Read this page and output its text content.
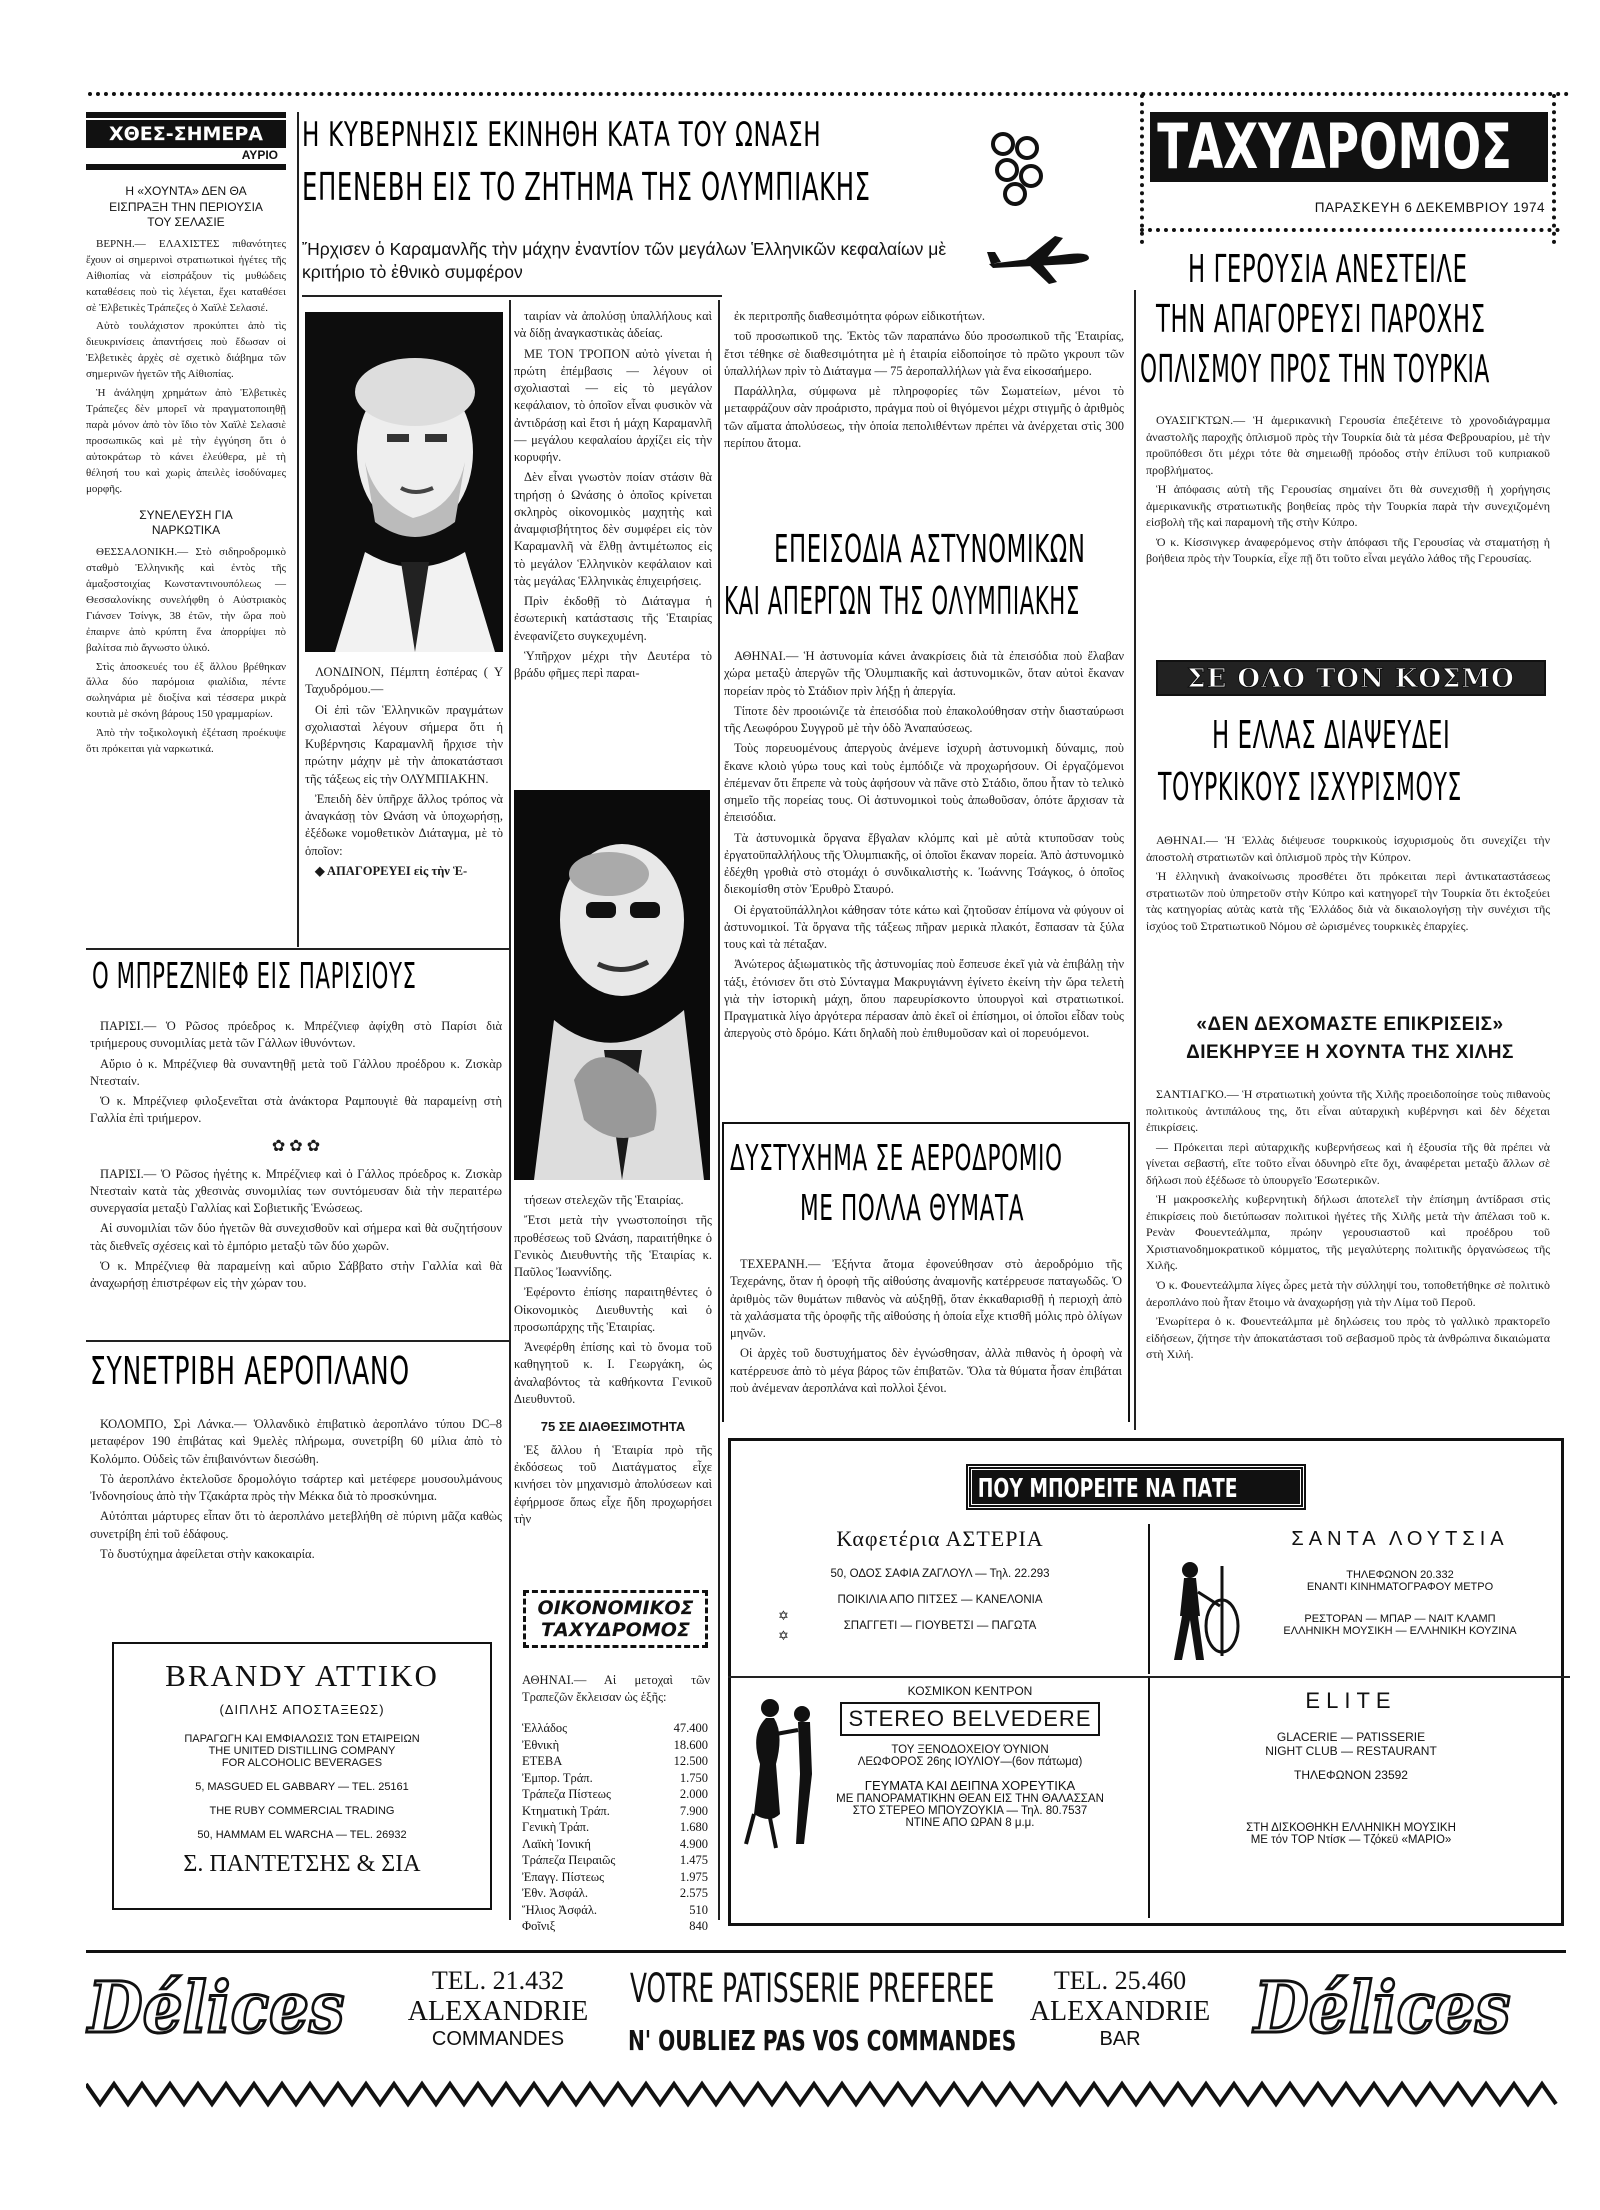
ΧΘΕΣ-ΣΗΜΕΡΑ
ΑΥΡΙΟ
Η «ΧΟΥΝΤΑ» ΔΕΝ ΘΑ ΕΙΣΠΡΑΞΗ ΤΗΝ ΠΕΡΙΟΥΣΙΑ ΤΟΥ ΣΕΛΑΣΙΕ

ΒΕΡΝΗ.— ΕΛΑΧΙΣΤΕΣ πιθανότητες ἔχουν οἱ σημερινοὶ στρατιωτικοὶ ἡγέτες τῆς Αἰθιοπίας νὰ εἰσπράξουν τὶς μυθώδεις καταθέσεις ποὺ τὶς λέγεται, ἔχει καταθέσει σὲ Ἑλβετικὲς Τράπεζες ὁ Χαϊλὲ Σελασιέ.

Αὐτὸ τουλάχιστον προκύπτει ἀπὸ τὶς διευκρινίσεις ἀπαντήσεις ποὺ ἔδωσαν οἱ Ἑλβετικὲς ἀρχὲς σὲ σχετικὸ διάβημα τῶν σημερινῶν ἡγετῶν τῆς Αἰθιοπίας.

Ἡ ἀνάληψη χρημάτων ἀπὸ Ἑλβετικὲς Τράπεζες δὲν μπορεῖ νὰ πραγματοποιηθῇ παρὰ μόνον ἀπὸ τὸν ἴδιο τὸν Χαϊλὲ Σελασιὲ προσωπικῶς καὶ μὲ τὴν ἐγγύηση ὅτι ὁ αὐτοκράτωρ τὸ κάνει ἐλεύθερα, μὲ τὴ θέλησή του καὶ χωρὶς ἀπειλὲς ἰσοδύναμες μορφῆς.

ΣΥΝΕΛΕΥΣΗ ΓΙΑ ΝΑΡΚΩΤΙΚΑ

ΘΕΣΣΑΛΟΝΙΚΗ.— Στὸ σιδηροδρομικὸ σταθμὸ Ἑλληνικῆς καὶ ἐντὸς τῆς ἁμαξοστοιχίας Κωνσταντινουπόλεως — Θεσσαλονίκης συνελήφθη ὁ Αὐστριακὸς Γιάνσεν Τσίνγκ, 38 ἐτῶν, τὴν ὥρα ποὺ ἐπαιρνε ἀπὸ κρύπτη ἕνα ἀπορρίψει πὸ βαλίτσα πιὸ ἄγνωστο ὑλικό.

Στὶς ἀποσκευές του ἐξ ἄλλου βρέθηκαν ἄλλα δύο παρόμοια φιαλίδια, πέντε σωληνάρια μὲ διοξίνα καὶ τέσσερα μικρὰ κουτιὰ μὲ σκόνη βάρους 150 γραμμαρίων.

Ἀπὸ τὴν τοξικολογικὴ ἐξέταση προέκυψε ὅτι πρόκειται γιὰ ναρκωτικά.

Η ΚΥΒΕΡΝΗΣΙΣ ΕΚΙΝΗΘΗ ΚΑΤΑ ΤΟΥ ΩΝΑΣΗ
ΕΠΕΝΕΒΗ ΕΙΣ ΤΟ ΖΗΤΗΜΑ ΤΗΣ ΟΛΥΜΠΙΑΚΗΣ
Ἤρχισεν ὁ Καραμανλῆς τὴν μάχην ἐναντίον τῶν μεγάλων Ἑλληνικῶν κεφαλαίων μὲ κριτήριο τὸ ἐθνικὸ συμφέρον

ΛΟΝΔΙΝΟΝ, Πέμπτη ἑσπέρας ( Υ Ταχυδρόμου.—

Οἱ ἐπὶ τῶν Ἑλληνικῶν πραγμάτων σχολιασταὶ λέγουν σήμερα ὅτι ἡ Κυβέρνησις Καραμανλῆ ἤρχισε τὴν πρώτην μάχην μὲ τὴν ἀποκατάστασι τῆς τάξεως εἰς τὴν ΟΛΥΜΠΙΑΚΗΝ.

Ἐπειδὴ δὲν ὑπῆρχε ἄλλος τρόπος νὰ ἀναγκάσῃ τὸν Ωνάση νὰ ὑποχωρήσῃ, ἐξέδωκε νομοθετικὸν Διάταγμα, μὲ τὸ ὁποῖον:

◆ ΑΠΑΓΟΡΕΥΕΙ εἰς τὴν Ἑ-

ταιρίαν νὰ ἀπολύσῃ ὑπαλλήλους καὶ νὰ δίδῃ ἀναγκαστικὰς ἀδείας.

ΜΕ ΤΟΝ ΤΡΟΠΟΝ αὐτὸ γίνεται ἡ πρώτη ἐπέμβασις — λέγουν οἱ σχολιασταὶ — εἰς τὸ μεγάλον κεφάλαιον, τὸ ὁποῖον εἶναι φυσικὸν νὰ ἀντιδράσῃ καὶ ἔτσι ἡ μάχη Καραμανλῆ — μεγάλου κεφαλαίου ἀρχίζει εἰς τὴν κορυφήν.

Δὲν εἶναι γνωστὸν ποίαν στάσιν θὰ τηρήσῃ ὁ Ωνάσης ὁ ὁποῖος κρίνεται σκληρὸς οἰκονομικὸς μαχητὴς καὶ ἀναμφισβήτητος δὲν συμφέρει εἰς τὸν Καραμανλῆ νὰ ἔλθῃ ἀντιμέτωπος εἰς τὸ μεγάλον Ἑλληνικὸν κεφάλαιον καὶ τὰς μεγάλας Ἑλληνικὰς ἐπιχειρήσεις.

Πρὶν ἐκδοθῇ τὸ Διάταγμα ἡ ἐσωτερικὴ κατάστασις τῆς Ἑταιρίας ἐνεφανίζετο συγκεχυμένη.

Ὑπῆρχον μέχρι τὴν Δευτέρα τὸ βράδυ φῆμες περὶ παραι-

τήσεων στελεχῶν τῆς Ἑταιρίας.

Ἔτσι μετὰ τὴν γνωστοποίησι τῆς προθέσεως τοῦ Ωνάση, παραιτήθηκε ὁ Γενικὸς Διευθυντὴς τῆς Ἑταιρίας κ. Παῦλος Ἰωαννίδης.

Ἐφέροντο ἐπίσης παραιτηθέντες ὁ Οἰκονομικὸς Διευθυντὴς καὶ ὁ προσωπάρχης τῆς Ἑταιρίας.

Ἀνεφέρθη ἐπίσης καὶ τὸ ὄνομα τοῦ καθηγητοῦ κ. Ι. Γεωργάκη, ὡς ἀναλαβόντος τὰ καθήκοντα Γενικοῦ Διευθυντοῦ.

75 ΣΕ ΔΙΑΘΕΣΙΜΟΤΗΤΑ

Ἐξ ἄλλου ἡ Ἑταιρία πρὸ τῆς ἐκδόσεως τοῦ Διατάγματος εἶχε κινήσει τὸν μηχανισμὸ ἀπολύσεων καὶ ἐφήρμοσε ὅπως εἶχε ἤδη προχωρήσει τὴν

ἐκ περιτροπῆς διαθεσιμότητα φόρων εἰδικοτήτων.

τοῦ προσωπικοῦ της. Ἐκτὸς τῶν παραπάνω δύο προσωπικοῦ τῆς Ἑταιρίας, ἔτσι τέθηκε σὲ διαθεσιμότητα μὲ ἡ ἑταιρία εἰδοποίησε τὸ πρῶτο γκρουπ τῶν ὑπαλλήλων πρὶν τὸ Διάταγμα — 75 ἀεροπαλλήλων γιὰ ἕνα εἰκοσαήμερο.

Παράλληλα, σύμφωνα μὲ πληροφορίες τῶν Σωματείων, μένοι τὸ μεταφράζουν σὰν προάριστο, πράγμα ποὺ οἱ θιγόμενοι μέχρι στιγμῆς ὁ ἀριθμὸς τῶν αἵματα ἀπολύσεως, τὴν ὁποία πεπολιθέντων πρέπει νὰ ἀνέρχεται στὶς 300 περίπου ἄτομα.

ΕΠΕΙΣΟΔΙΑ ΑΣΤΥΝΟΜΙΚΩΝ
ΚΑΙ ΑΠΕΡΓΩΝ ΤΗΣ ΟΛΥΜΠΙΑΚΗΣ

ΑΘΗΝΑΙ.— Ἡ ἀστυνομία κάνει ἀνακρίσεις διὰ τὰ ἐπεισόδια ποὺ ἔλαβαν χώρα μεταξὺ ἀπεργῶν τῆς Ὀλυμπιακῆς καὶ ἀστυνομικῶν, ὅταν αὐτοὶ ἔκαναν πορείαν πρὸς τὸ Στάδιον πρὶν λήξῃ ἡ ἀπεργία.

Τίποτε δὲν προοιώνιζε τὰ ἐπεισόδια ποὺ ἐπακολούθησαν στὴν διασταύρωσι τῆς Λεωφόρου Συγγροῦ μὲ τὴν ὁδὸ Ἀναπαύσεως.

Τοὺς πορευομένους ἀπεργοὺς ἀνέμενε ἰσχυρὴ ἀστυνομικὴ δύναμις, ποὺ ἔκανε κλοιὸ γύρω τους καὶ τοὺς ἐμπόδιζε νὰ προχωρήσουν. Οἱ ἐργαζόμενοι ἐπέμεναν ὅτι ἔπρεπε νὰ τοὺς ἀφήσουν νὰ πᾶνε στὸ Στάδιο, ὅπου ἦταν τὸ τελικὸ σημεῖο τῆς πορείας τους. Οἱ ἀστυνομικοὶ τοὺς ἀπωθοῦσαν, ὁπότε ἄρχισαν τὰ ἐπεισόδια.

Τὰ ἀστυνομικὰ ὄργανα ἔβγαλαν κλόμπς καὶ μὲ αὐτὰ κτυποῦσαν τοὺς ἐργατοϋπαλλήλους τῆς Ὀλυμπιακῆς, οἱ ὁποῖοι ἔκαναν πορεία. Ἀπὸ ἀστυνομικὸ ἐδέχθη γροθιὰ στὸ στομάχι ὁ συνδικαλιστὴς κ. Ἰωάννης Τσάγκος, ὁ ὁποῖος διεκομίσθη στὸν Ἐρυθρὸ Σταυρό.

Οἱ ἐργατοϋπάλληλοι κάθησαν τότε κάτω καὶ ζητοῦσαν ἐπίμονα νὰ φύγουν οἱ ἀστυνομικοί. Τὰ ὄργανα τῆς τάξεως πῆραν μερικὰ πλακότ, ἔσπασαν τὰ ξύλα τους καὶ τὰ πέταξαν.

Ἀνώτερος ἀξιωματικὸς τῆς ἀστυνομίας ποὺ ἔσπευσε ἐκεῖ γιὰ νὰ ἐπιβάλῃ τὴν τάξι, ἐτόνισεν ὅτι στὸ Σύνταγμα Μακρυγιάννη ἐγίνετο ἐκείνη τὴν ὥρα τελετὴ γιὰ τὴν ἱστορικὴ μάχη, ὅπου παρευρίσκοντο ὑπουργοὶ καὶ στρατιωτικοί. Πραγματικὰ λίγο ἀργότερα πέρασαν ἀπὸ ἐκεῖ οἱ ἐπίσημοι, οἱ ὁποῖοι εἶδαν τοὺς ἀπεργοὺς στὸ δρόμο. Κάτι δηλαδὴ ποὺ ἐπιθυμοῦσαν καὶ οἱ πορευόμενοι.

ΔΥΣΤΥΧΗΜΑ ΣΕ ΑΕΡΟΔΡΟΜΙΟ
ΜΕ ΠΟΛΛΑ ΘΥΜΑΤΑ

ΤΕΧΕΡΑΝΗ.— Ἐξήντα ἄτομα ἐφονεύθησαν στὸ ἀεροδρόμιο τῆς Τεχεράνης, ὅταν ἡ ὀροφὴ τῆς αἰθούσης ἀναμονῆς κατέρρευσε παταγωδῶς. Ὁ ἀριθμὸς τῶν θυμάτων πιθανὸς νὰ αὐξηθῇ, ὅταν ἐκκαθαρισθῇ ἡ περιοχὴ ἀπὸ τὰ χαλάσματα τῆς ὀροφῆς τῆς αἰθούσης ἡ ὁποία εἶχε κτισθῆ μόλις πρὸ ὀλίγων μηνῶν.

Οἱ ἀρχὲς τοῦ δυστυχήματος δὲν ἐγνώσθησαν, ἀλλὰ πιθανὸς ἡ ὀροφὴ νὰ κατέρρευσε ἀπὸ τὸ μέγα βάρος τῶν ἐπιβατῶν. Ὅλα τὰ θύματα ἦσαν ἐπιβάται ποὺ ἀνέμεναν ἀεροπλάνα καὶ πολλοὶ ξένοι.

Ο ΜΠΡΕΖΝΙΕΦ ΕΙΣ ΠΑΡΙΣΙΟΥΣ

ΠΑΡΙΣΙ.— Ὁ Ρῶσος πρόεδρος κ. Μπρέζνιεφ ἀφίχθη στὸ Παρίσι διὰ τριήμερους συνομιλίας μετὰ τῶν Γάλλων ἰθυνόντων.

Αὔριο ὁ κ. Μπρέζνιεφ θὰ συναντηθῇ μετὰ τοῦ Γάλλου προέδρου κ. Ζισκὰρ Ντεσταίν.

Ὁ κ. Μπρέζνιεφ φιλοξενεῖται στὰ ἀνάκτορα Ραμπουγιὲ θὰ παραμείνῃ στὴ Γαλλία ἐπὶ τριήμερον.

✿ ✿ ✿

ΠΑΡΙΣΙ.— Ὁ Ρῶσος ἡγέτης κ. Μπρέζνιεφ καὶ ὁ Γάλλος πρόεδρος κ. Ζισκὰρ Ντεσταὶν κατὰ τὰς χθεσινὰς συνομιλίας των συντόμευσαν διὰ τὴν περαιτέρω συνεργασία μεταξὺ Γαλλίας καὶ Σοβιετικῆς Ἑνώσεως.

Αἱ συνομιλίαι τῶν δύο ἡγετῶν θὰ συνεχισθοῦν καὶ σήμερα καὶ θὰ συζητήσουν τὰς διεθνεῖς σχέσεις καὶ τὸ ἐμπόριο μεταξὺ τῶν δύο χωρῶν.

Ὁ κ. Μπρέζνιεφ θὰ παραμείνῃ καὶ αὔριο Σάββατο στὴν Γαλλία καὶ θὰ ἀναχωρήσῃ ἐπιστρέφων εἰς τὴν χώραν του.

ΣΥΝΕΤΡΙΒΗ ΑΕΡΟΠΛΑΝΟ

ΚΟΛΟΜΠΟ, Σρὶ Λάνκα.— Ὁλλανδικὸ ἐπιβατικὸ ἀεροπλάνο τύπου DC–8 μεταφέρον 190 ἐπιβάτας καὶ 9μελὲς πλήρωμα, συνετρίβη 60 μίλια ἀπὸ τὸ Κολόμπο. Οὐδεὶς τῶν ἐπιβαινόντων διεσώθη.

Τὸ ἀεροπλάνο ἐκτελοῦσε δρομολόγιο τσάρτερ καὶ μετέφερε μουσουλμάνους Ἰνδονησίους ἀπὸ τὴν Τζακάρτα πρὸς τὴν Μέκκα διὰ τὸ προσκύνημα.

Αὐτόπται μάρτυρες εἶπαν ὅτι τὸ ἀεροπλάνο μετεβλήθη σὲ πύρινη μᾶζα καθὼς συνετρίβη ἐπὶ τοῦ ἐδάφους.

Τὸ δυστύχημα ἀφείλεται στὴν κακοκαιρία.

BRANDY ATTIKO
(ΔΙΠΛΗΣ ΑΠΟΣΤΑΞΕΩΣ)
ΠΑΡΑΓΩΓΗ ΚΑΙ ΕΜΦΙΑΛΩΣΙΣ ΤΩΝ ΕΤΑΙΡΕΙΩΝ
THE UNITED DISTILLING COMPANY
FOR ALCOHOLIC BEVERAGES
5, MASGUED EL GABBARY — TEL. 25161
THE RUBY COMMERCIAL TRADING
50, HAMMAM EL WARCHA — TEL. 26932
Σ. ΠΑΝΤΕΤΣΗΣ & ΣΙΑ
ΟΙΚΟΝΟΜΙΚΟΣ
ΤΑΧΥΔΡΟΜΟΣ
ΑΘΗΝΑΙ.— Αἱ μετοχαὶ τῶν Τραπεζῶν ἔκλεισαν ὡς ἑξῆς:
Ἑλλάδος	47.400
Ἐθνικὴ	18.600
ΕΤΕΒΑ	12.500
Ἐμπορ. Τράπ.	1.750
Τράπεζα Πίστεως	2.000
Κτηματικὴ Τράπ.	7.900
Γενικὴ Τράπ.	1.680
Λαϊκὴ Ἰονική	4.900
Τράπεζα Πειραιῶς	1.475
Ἐπαγγ. Πίστεως	1.975
Ἐθν. Ἀσφάλ.	2.575
Ἥλιος Ἀσφάλ.	510
Φοῖνιξ	840
ΤΑΧΥΔΡΟΜΟΣ
ΠΑΡΑΣΚΕΥΗ 6 ΔΕΚΕΜΒΡΙΟΥ 1974
Η ΓΕΡΟΥΣΙΑ ΑΝΕΣΤΕΙΛΕ
ΤΗΝ ΑΠΑΓΟΡΕΥΣΙ ΠΑΡΟΧΗΣ
ΟΠΛΙΣΜΟΥ ΠΡΟΣ ΤΗΝ ΤΟΥΡΚΙΑ

ΟΥΑΣΙΓΚΤΩΝ.— Ἡ ἀμερικανικὴ Γερουσία ἐπεξέτεινε τὸ χρονοδιάγραμμα ἀναστολῆς παροχῆς ὁπλισμοῦ πρὸς τὴν Τουρκία διὰ τὰ μέσα Φεβρουαρίου, μὲ τὴν προϋπόθεσι ὅτι μέχρι τότε θὰ σημειωθῇ πρόοδος στὴν ἐπίλυσι τοῦ κυπριακοῦ προβλήματος.

Ἡ ἀπόφασις αὐτὴ τῆς Γερουσίας σημαίνει ὅτι θὰ συνεχισθῇ ἡ χορήγησις ἀμερικανικῆς στρατιωτικῆς βοηθείας πρὸς τὴν Τουρκία παρὰ τὴν συνεχιζομένη εἰσβολὴ τῆς καὶ παραμονὴ τῆς στὴν Κύπρο.

Ὁ κ. Κίσσινγκερ ἀναφερόμενος στὴν ἀπόφασι τῆς Γερουσίας νὰ σταματήσῃ ἡ βοήθεια πρὸς τὴν Τουρκία, εἶχε πῇ ὅτι τοῦτο εἶναι μεγάλο λάθος τῆς Γερουσίας.

ΣΕ ΟΛΟ ΤΟΝ ΚΟΣΜΟ
Η ΕΛΛΑΣ ΔΙΑΨΕΥΔΕΙ
ΤΟΥΡΚΙΚΟΥΣ ΙΣΧΥΡΙΣΜΟΥΣ

ΑΘΗΝΑΙ.— Ἡ Ἑλλὰς διέψευσε τουρκικοὺς ἰσχυρισμοὺς ὅτι συνεχίζει τὴν ἀποστολὴ στρατιωτῶν καὶ ὁπλισμοῦ πρὸς τὴν Κύπρον.

Ἡ ἑλληνικὴ ἀνακοίνωσις προσθέτει ὅτι πρόκειται περὶ ἀντικαταστάσεως στρατιωτῶν ποὺ ὑπηρετοῦν στὴν Κύπρο καὶ κατηγορεῖ τὴν Τουρκία ὅτι ἐκτοξεύει τὰς κατηγορίας αὐτὰς κατὰ τῆς Ἑλλάδος διὰ νὰ δικαιολογήσῃ τὴν συνέχισι τῆς ἰσχύος τοῦ Στρατιωτικοῦ Νόμου σὲ ὡρισμένες τουρκικὲς ἐπαρχίες.

«ΔΕΝ ΔΕΧΟΜΑΣΤΕ ΕΠΙΚΡΙΣΕΙΣ»
ΔΙΕΚΗΡΥΞΕ Η ΧΟΥΝΤΑ ΤΗΣ ΧΙΛΗΣ

ΣΑΝΤΙΑΓΚΟ.— Ἡ στρατιωτικὴ χούντα τῆς Χιλῆς προειδοποίησε τοὺς πιθανοὺς πολιτικοὺς ἀντιπάλους της, ὅτι εἶναι αὐταρχικὴ κυβέρνησι καὶ δὲν δέχεται ἐπικρίσεις.

— Πρόκειται περὶ αὐταρχικῆς κυβερνήσεως καὶ ἡ ἐξουσία τῆς θὰ πρέπει νὰ γίνεται σεβαστή, εἴτε τοῦτο εἶναι ὀδυνηρὸ εἴτε ὄχι, ἀναφέρεται μεταξὺ ἄλλων σὲ δήλωσι ποὺ ἐξέδωσε τὸ ὑπουργεῖο Ἐσωτερικῶν.

Ἡ μακροσκελὴς κυβερνητικὴ δήλωσι ἀποτελεῖ τὴν ἐπίσημη ἀντίδρασι στὶς ἐπικρίσεις ποὺ διετύπωσαν πολιτικοὶ ἡγέτες τῆς Χιλῆς μετὰ τὴν ἀπέλασι τοῦ κ. Ρενὰν Φουεντεάλμπα, πρώην γερουσιαστοῦ καὶ προέδρου τοῦ Χριστιανοδημοκρατικοῦ κόμματος, τῆς μεγαλύτερης πολιτικῆς ὀργανώσεως τῆς Χιλῆς.

Ὁ κ. Φουεντεάλμπα λίγες ὧρες μετὰ τὴν σύλληψί του, τοποθετήθηκε σὲ πολιτικὸ ἀεροπλάνο ποὺ ἦταν ἕτοιμο νὰ ἀναχωρήσῃ γιὰ τὴν Λίμα τοῦ Περοῦ.

Ἐνωρίτερα ὁ κ. Φουεντεάλμπα μὲ δηλώσεις του πρὸς τὸ γαλλικὸ πρακτορεῖο εἰδήσεων, ζήτησε τὴν ἀποκατάστασι τοῦ σεβασμοῦ πρὸς τὰ ἀνθρώπινα δικαιώματα στὴ Χιλή.

ΠΟΥ ΜΠΟΡΕΙΤΕ ΝΑ ΠΑΤΕ
Καφετέρια ΑΣΤΕΡΙΑ
50, ΟΔΟΣ ΣΑΦΙΑ ΖΑΓΛΟΥΛ — Τηλ. 22.293
ΠΟΙΚΙΛΙΑ ΑΠΟ ΠΙΤΣΕΣ — ΚΑΝΕΛΟΝΙΑ
ΣΠΑΓΓΕΤΙ — ΓΙΟΥΒΕΤΣΙ — ΠΑΓΩΤΑ
✡
✡
ΣΑΝΤΑ ΛΟΥΤΣΙΑ
ΤΗΛΕΦΩΝΟΝ 20.332
ΕΝΑΝΤΙ ΚΙΝΗΜΑΤΟΓΡΑΦΟΥ ΜΕΤΡΟ
ΡΕΣΤΟΡΑΝ — ΜΠΑΡ — ΝΑΙΤ ΚΛΑΜΠ
ΕΛΛΗΝΙΚΗ ΜΟΥΣΙΚΗ — ΕΛΛΗΝΙΚΗ ΚΟΥΖΙΝΑ
ΚΟΣΜΙΚΟΝ ΚΕΝΤΡΟΝ
STEREO BELVEDERE
ΤΟΥ ΞΕΝΟΔΟΧΕΙΟΥ ΌΥΝΙΟΝ
ΛΕΩΦΟΡΟΣ 26ης ΙΟΥΛΙΟΥ—(6ον πάτωμα)
ΓΕΥΜΑΤΑ ΚΑΙ ΔΕΙΠΝΑ ΧΟΡΕΥΤΙΚΑ
ΜΕ ΠΑΝΟΡΑΜΑΤΙΚΗΝ ΘΕΑΝ ΕΙΣ ΤΗΝ ΘΑΛΑΣΣΑΝ
ΣΤΟ ΣΤΕΡΕΟ ΜΠΟΥΖΟΥΚΙΑ — Τηλ. 80.7537
ΝΤΙΝΕ ΑΠΟ ΩΡΑΝ 8 μ.μ.
ELITE
GLACERIE — PATISSERIE
NIGHT CLUB — RESTAURANT
ΤΗΛΕΦΩΝΟΝ 23592
ΣΤΗ ΔΙΣΚΟΘΗΚΗ ΕΛΛΗΝΙΚΗ ΜΟΥΣΙΚΗ
ΜΕ τόν TOP Ντίσκ — Τζόκεϋ «ΜΑΡΙΟ»
Délices	TEL. 21.432
ALEXANDRIE
COMMANDES
VOTRE PATISSERIE PREFEREE
N' OUBLIEZ PAS VOS COMMANDES
TEL. 25.460
ALEXANDRIE
BAR	Délices
